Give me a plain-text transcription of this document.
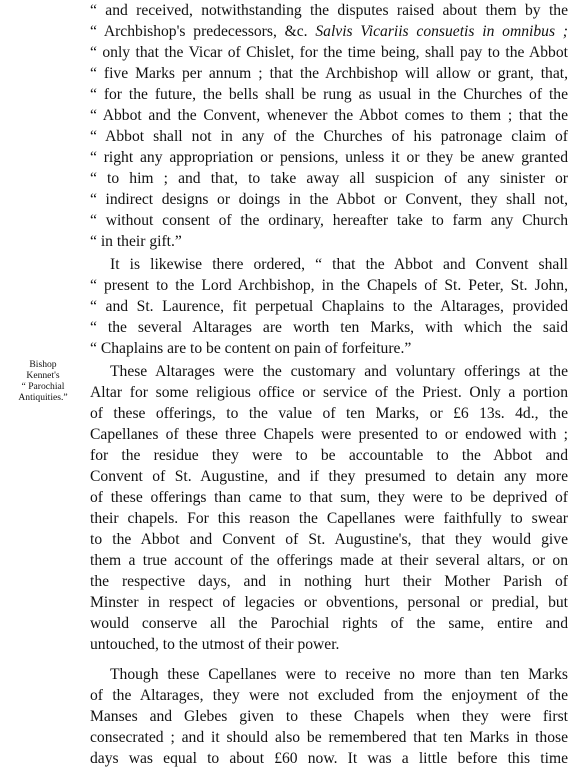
“ and received, notwithstanding the disputes raised about them by the
“ Archbishop's predecessors, &c. Salvis Vicariis consuetis in omnibus ;
“ only that the Vicar of Chislet, for the time being, shall pay to the Abbot
“ five Marks per annum ; that the Archbishop will allow or grant, that,
“ for the future, the bells shall be rung as usual in the Churches of the
“ Abbot and the Convent, whenever the Abbot comes to them ; that the
“ Abbot shall not in any of the Churches of his patronage claim of
“ right any appropriation or pensions, unless it or they be anew granted
“ to him ; and that, to take away all suspicion of any sinister or
“ indirect designs or doings in the Abbot or Convent, they shall not,
“ without consent of the ordinary, hereafter take to farm any Church
“ in their gift.”
It is likewise there ordered, “ that the Abbot and Convent shall
“ present to the Lord Archbishop, in the Chapels of St. Peter, St. John,
“ and St. Laurence, fit perpetual Chaplains to the Altarages, provided
“ the several Altarages are worth ten Marks, with which the said
“ Chaplains are to be content on pain of forfeiture.”
Bishop
Kennet's
“ Parochial
Antiquities.”
These Altarages were the customary and voluntary offerings at the
Altar for some religious office or service of the Priest. Only a portion
of these offerings, to the value of ten Marks, or £6 13s. 4d., the
Capellanes of these three Chapels were presented to or endowed with ;
for the residue they were to be accountable to the Abbot and
Convent of St. Augustine, and if they presumed to detain any more
of these offerings than came to that sum, they were to be deprived of
their chapels. For this reason the Capellanes were faithfully to swear
to the Abbot and Convent of St. Augustine's, that they would give
them a true account of the offerings made at their several altars, or on
the respective days, and in nothing hurt their Mother Parish of
Minster in respect of legacies or obventions, personal or predial, but
would conserve all the Parochial rights of the same, entire and
untouched, to the utmost of their power.
Though these Capellanes were to receive no more than ten Marks
of the Altarages, they were not excluded from the enjoyment of the
Manses and Glebes given to these Chapels when they were first
consecrated ; and it should also be remembered that ten Marks in those
days was equal to about £60 now. It was a little before this time
